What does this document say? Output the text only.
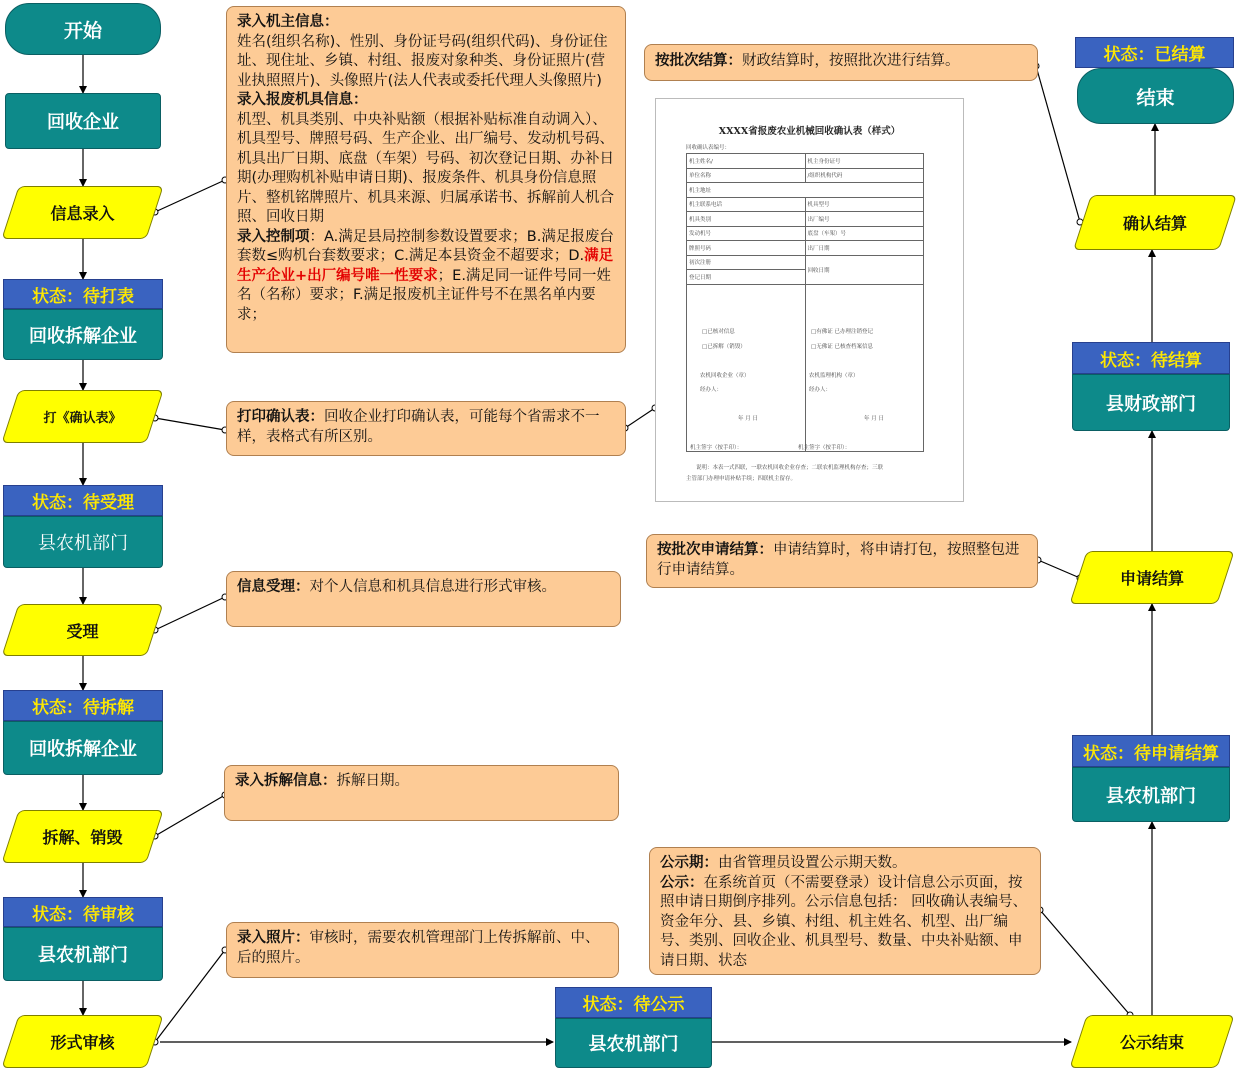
开始
回收企业
信息录入
状态：待打表
回收拆解企业
打《确认表》
状态：待受理
县农机部门
受理
状态：待拆解
回收拆解企业
拆解、销毁
状态：待审核
县农机部门
形式审核
状态：待公示
县农机部门	公示结束
状态：待申请结算
县农机部门
申请结算
状态：待结算
县财政部门
确认结算
状态：已结算
结束
录入机主信息：
姓名(组织名称)、性别、身份证号码(组织代码)、身份证住址、现住址、乡镇、村组、报废对象种类、身份证照片(营业执照照片)、头像照片(法人代表或委托代理人头像照片)
录入报废机具信息：
机型、机具类别、中央补贴额（根据补贴标准自动调入）、机具型号、牌照号码、生产企业、出厂编号、发动机号码、机具出厂日期、底盘（车架）号码、初次登记日期、办补日期(办理购机补贴申请日期)、报废条件、机具身份信息照片、整机铭牌照片、机具来源、归属承诺书、拆解前人机合照、回收日期
录入控制项：A.满足县局控制参数设置要求；B.满足报废台套数≤购机台套数要求；C.满足本县资金不超要求；D.满足生产企业+出厂编号唯一性要求；E.满足同一证件号同一姓名（名称）要求；F.满足报废机主证件号不在黑名单内要求；
打印确认表：回收企业打印确认表，可能每个省需求不一样，表格式有所区别。
信息受理：对个人信息和机具信息进行形式审核。
录入拆解信息：拆解日期。
录入照片：审核时，需要农机管理部门上传拆解前、中、后的照片。
按批次结算：财政结算时，按照批次进行结算。
按批次申请结算：申请结算时，将申请打包，按照整包进行申请结算。
公示期：由省管理员设置公示期天数。
公示：在系统首页（不需要登录）设计信息公示页面，按照申请日期倒序排列。公示信息包括： 回收确认表编号、资金年分、县、乡镇、村组、机主姓名、机型、出厂编号、类别、回收企业、机具型号、数量、中央补贴额、申请日期、状态
XXXX省报废农业机械回收确认表（样式）
回收确认表编号：
机主姓名/	机主身份证号
单位名称	/组织机构代码
机主地址	
机主联系电话	机具型号
机具类别	出厂编号
发动机号	底盘（车架）号
牌照号码	出厂日期
初次注册	回收日期
登记日期	

□已核对信息
□已拆解（销毁）
□有佛证 已办理注销登记
□无佛证 已核查档案信息
农机回收企业（章）	农机监理机构（章）
经办人：	经办人：
年 月 日	年 月 日
机主签字（按手印）：	机主签字（按手印）：
说明：本表一式四联，一联农机回收企业存查；二联农机监理机构存查；三联
主管部门办理申请补贴手续；四联机主留存。
